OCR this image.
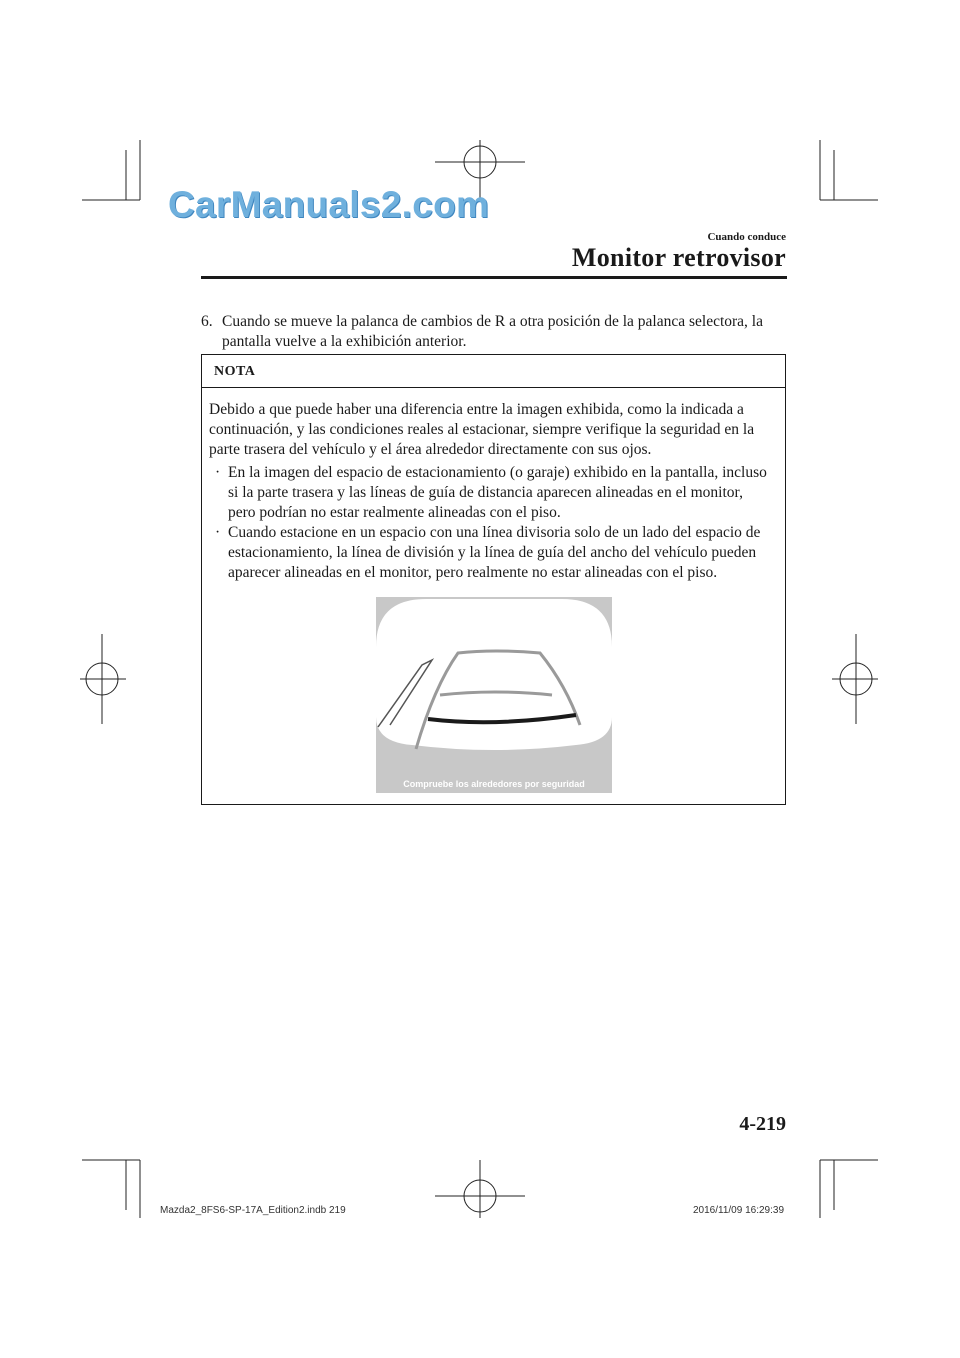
CarManuals2.com
Cuando conduce
Monitor retrovisor
6. Cuando se mueve la palanca de cambios de R a otra posición de la palanca selectora, la pantalla vuelve a la exhibición anterior.
NOTA
Debido a que puede haber una diferencia entre la imagen exhibida, como la indicada a continuación, y las condiciones reales al estacionar, siempre verifique la seguridad en la parte trasera del vehículo y el área alrededor directamente con sus ojos.
· En la imagen del espacio de estacionamiento (o garaje) exhibido en la pantalla, incluso si la parte trasera y las líneas de guía de distancia aparecen alineadas en el monitor, pero podrían no estar realmente alineadas con el piso.
· Cuando estacione en un espacio con una línea divisoria solo de un lado del espacio de estacionamiento, la línea de división y la línea de guía del ancho del vehículo pueden aparecer alineadas en el monitor, pero realmente no estar alineadas con el piso.
Compruebe los alrededores por seguridad
4-219
Mazda2_8FS6-SP-17A_Edition2.indb 219	2016/11/09 16:29:39
